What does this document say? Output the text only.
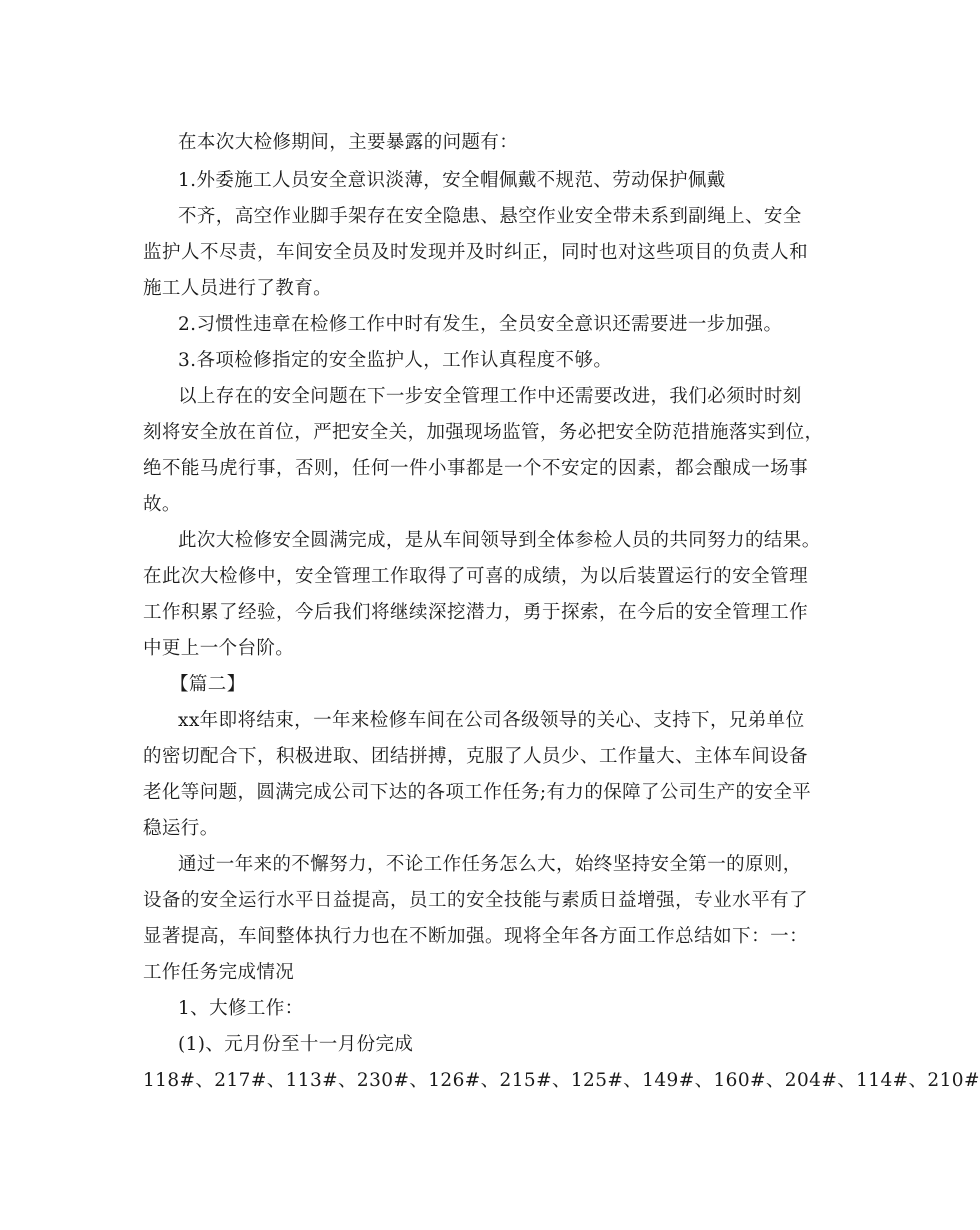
在本次大检修期间，主要暴露的问题有：
1.外委施工人员安全意识淡薄，安全帽佩戴不规范、劳动保护佩戴
不齐，高空作业脚手架存在安全隐患、悬空作业安全带未系到副绳上、安全
监护人不尽责，车间安全员及时发现并及时纠正，同时也对这些项目的负责人和
施工人员进行了教育。
2.习惯性违章在检修工作中时有发生，全员安全意识还需要进一步加强。
3.各项检修指定的安全监护人，工作认真程度不够。
以上存在的安全问题在下一步安全管理工作中还需要改进，我们必须时时刻
刻将安全放在首位，严把安全关，加强现场监管，务必把安全防范措施落实到位，
绝不能马虎行事，否则，任何一件小事都是一个不安定的因素，都会酿成一场事
故。
此次大检修安全圆满完成，是从车间领导到全体参检人员的共同努力的结果。
在此次大检修中，安全管理工作取得了可喜的成绩，为以后装置运行的安全管理
工作积累了经验，今后我们将继续深挖潜力，勇于探索，在今后的安全管理工作
中更上一个台阶。
【篇二】
xx年即将结束，一年来检修车间在公司各级领导的关心、支持下，兄弟单位
的密切配合下，积极进取、团结拼搏，克服了人员少、工作量大、主体车间设备
老化等问题，圆满完成公司下达的各项工作任务;有力的保障了公司生产的安全平
稳运行。
通过一年来的不懈努力，不论工作任务怎么大，始终坚持安全第一的原则，
设备的安全运行水平日益提高，员工的安全技能与素质日益增强，专业水平有了
显著提高，车间整体执行力也在不断加强。现将全年各方面工作总结如下：一：
工作任务完成情况
1、大修工作：
(1)、元月份至十一月份完成
118#、217#、113#、230#、126#、215#、125#、149#、160#、204#、114#、210#
